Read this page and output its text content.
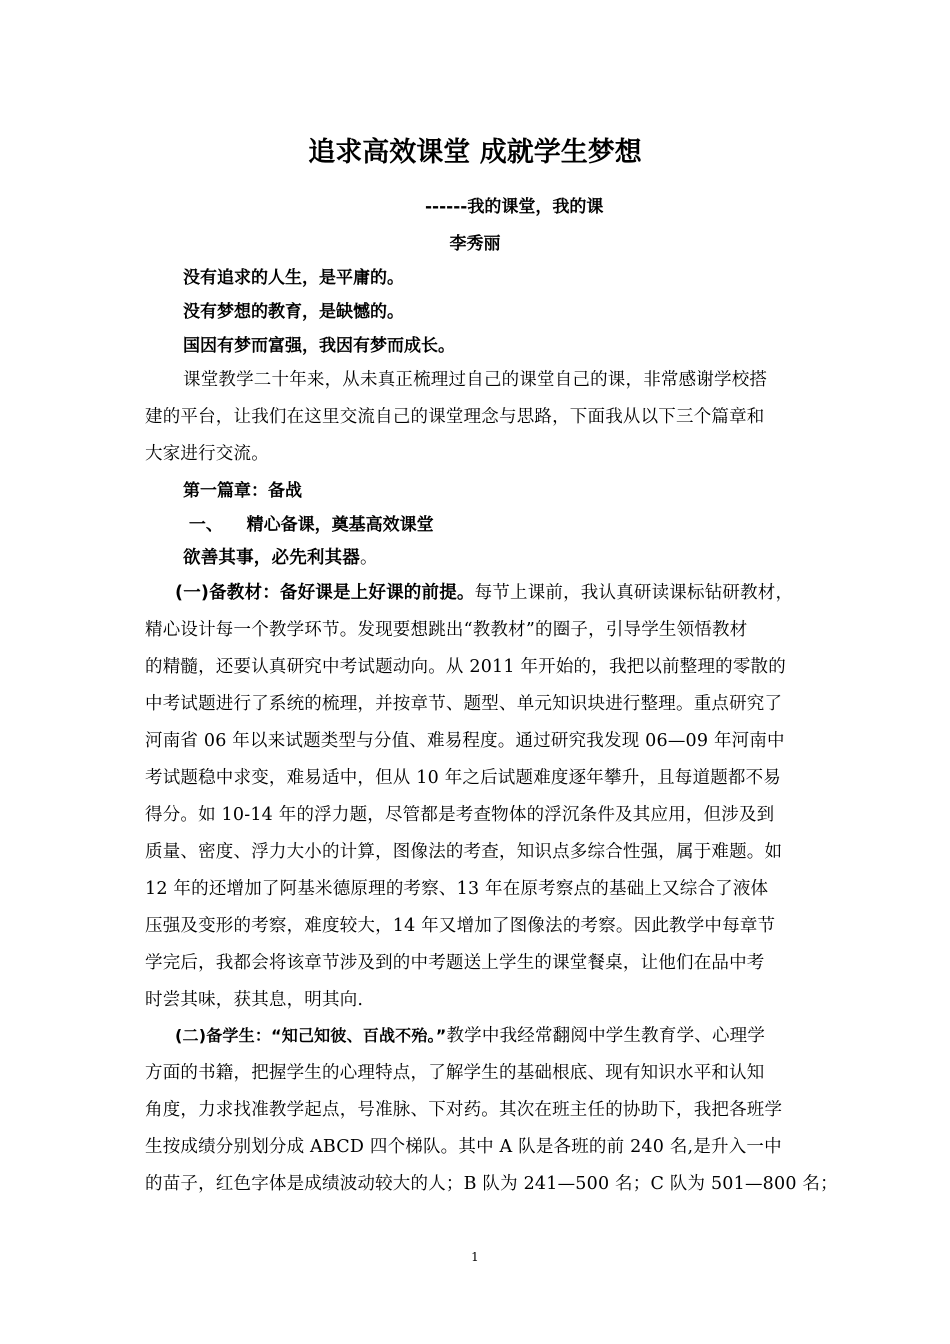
追求高效课堂 成就学生梦想
------我的课堂，我的课
李秀丽
没有追求的人生，是平庸的。
没有梦想的教育，是缺憾的。
国因有梦而富强，我因有梦而成长。
课堂教学二十年来，从未真正梳理过自己的课堂自己的课，非常感谢学校搭
建的平台，让我们在这里交流自己的课堂理念与思路，下面我从以下三个篇章和
大家进行交流。
第一篇章：备战
一、    精心备课，奠基高效课堂
欲善其事，必先利其器。
(一)备教材：备好课是上好课的前提。每节上课前，我认真研读课标钻研教材，
精心设计每一个教学环节。发现要想跳出“教教材”的圈子，引导学生领悟教材
的精髓，还要认真研究中考试题动向。从 2011 年开始的，我把以前整理的零散的
中考试题进行了系统的梳理，并按章节、题型、单元知识块进行整理。重点研究了
河南省 06 年以来试题类型与分值、难易程度。通过研究我发现 06—09 年河南中
考试题稳中求变，难易适中，但从 10 年之后试题难度逐年攀升，且每道题都不易
得分。如 10-14 年的浮力题，尽管都是考查物体的浮沉条件及其应用，但涉及到
质量、密度、浮力大小的计算，图像法的考查，知识点多综合性强，属于难题。如
12 年的还增加了阿基米德原理的考察、13 年在原考察点的基础上又综合了液体
压强及变形的考察，难度较大，14 年又增加了图像法的考察。因此教学中每章节
学完后，我都会将该章节涉及到的中考题送上学生的课堂餐桌，让他们在品中考
时尝其味，获其息，明其向.
(二)备学生：“知己知彼、百战不殆。”教学中我经常翻阅中学生教育学、心理学
方面的书籍，把握学生的心理特点，了解学生的基础根底、现有知识水平和认知
角度，力求找准教学起点，号准脉、下对药。其次在班主任的协助下，我把各班学
生按成绩分别划分成 ABCD 四个梯队。其中 A 队是各班的前 240 名,是升入一中
的苗子，红色字体是成绩波动较大的人；B 队为 241—500 名；C 队为 501—800 名；
1
